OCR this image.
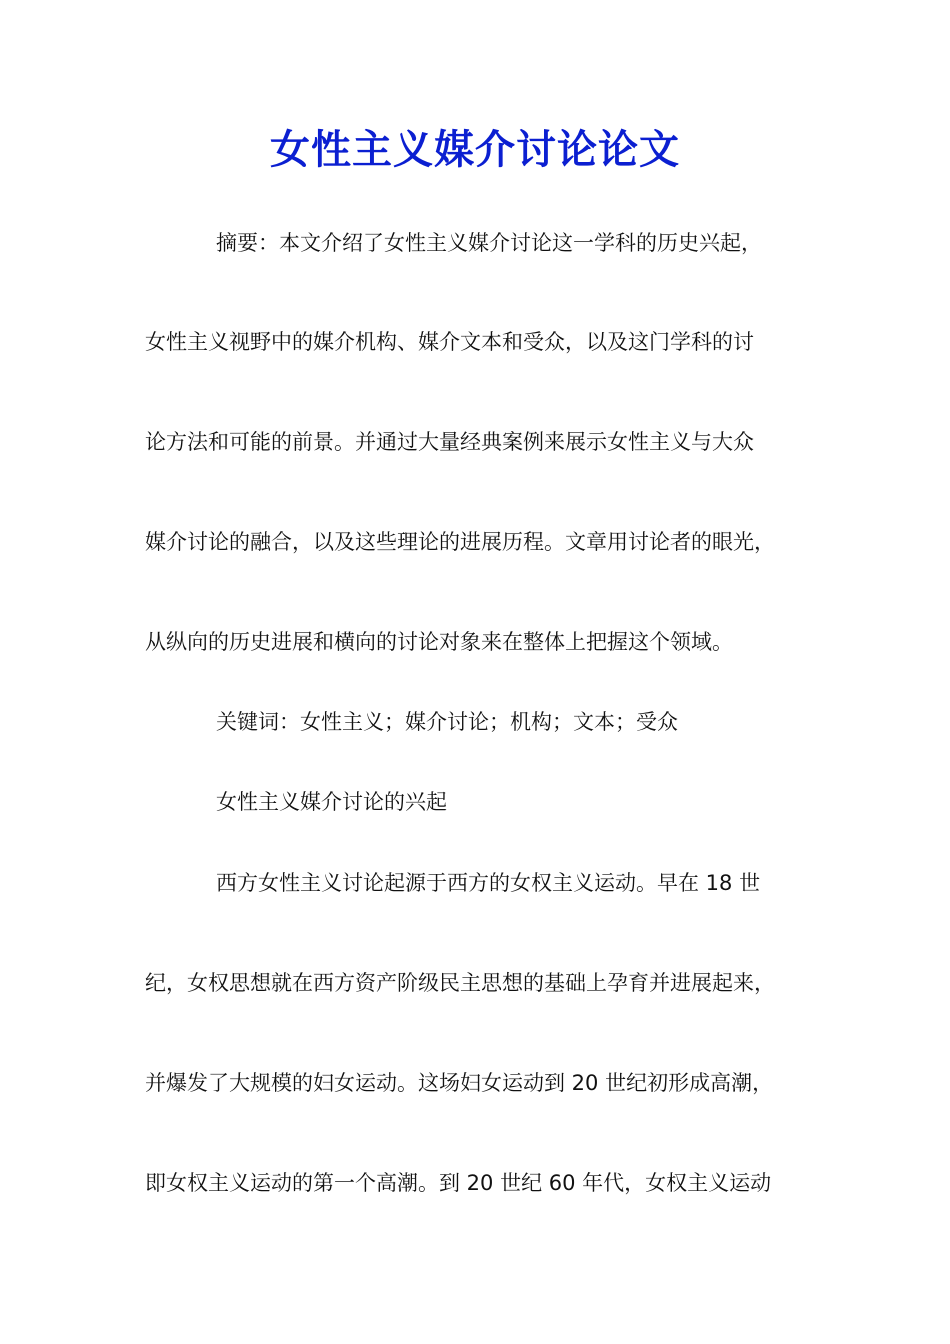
女性主义媒介讨论论文
摘要：本文介绍了女性主义媒介讨论这一学科的历史兴起，
女性主义视野中的媒介机构、媒介文本和受众，以及这门学科的讨
论方法和可能的前景。并通过大量经典案例来展示女性主义与大众
媒介讨论的融合，以及这些理论的进展历程。文章用讨论者的眼光，
从纵向的历史进展和横向的讨论对象来在整体上把握这个领域。
关键词：女性主义；媒介讨论；机构；文本；受众
女性主义媒介讨论的兴起
西方女性主义讨论起源于西方的女权主义运动。早在 18 世
纪，女权思想就在西方资产阶级民主思想的基础上孕育并进展起来，
并爆发了大规模的妇女运动。这场妇女运动到 20 世纪初形成高潮，
即女权主义运动的第一个高潮。到 20 世纪 60 年代，女权主义运动
